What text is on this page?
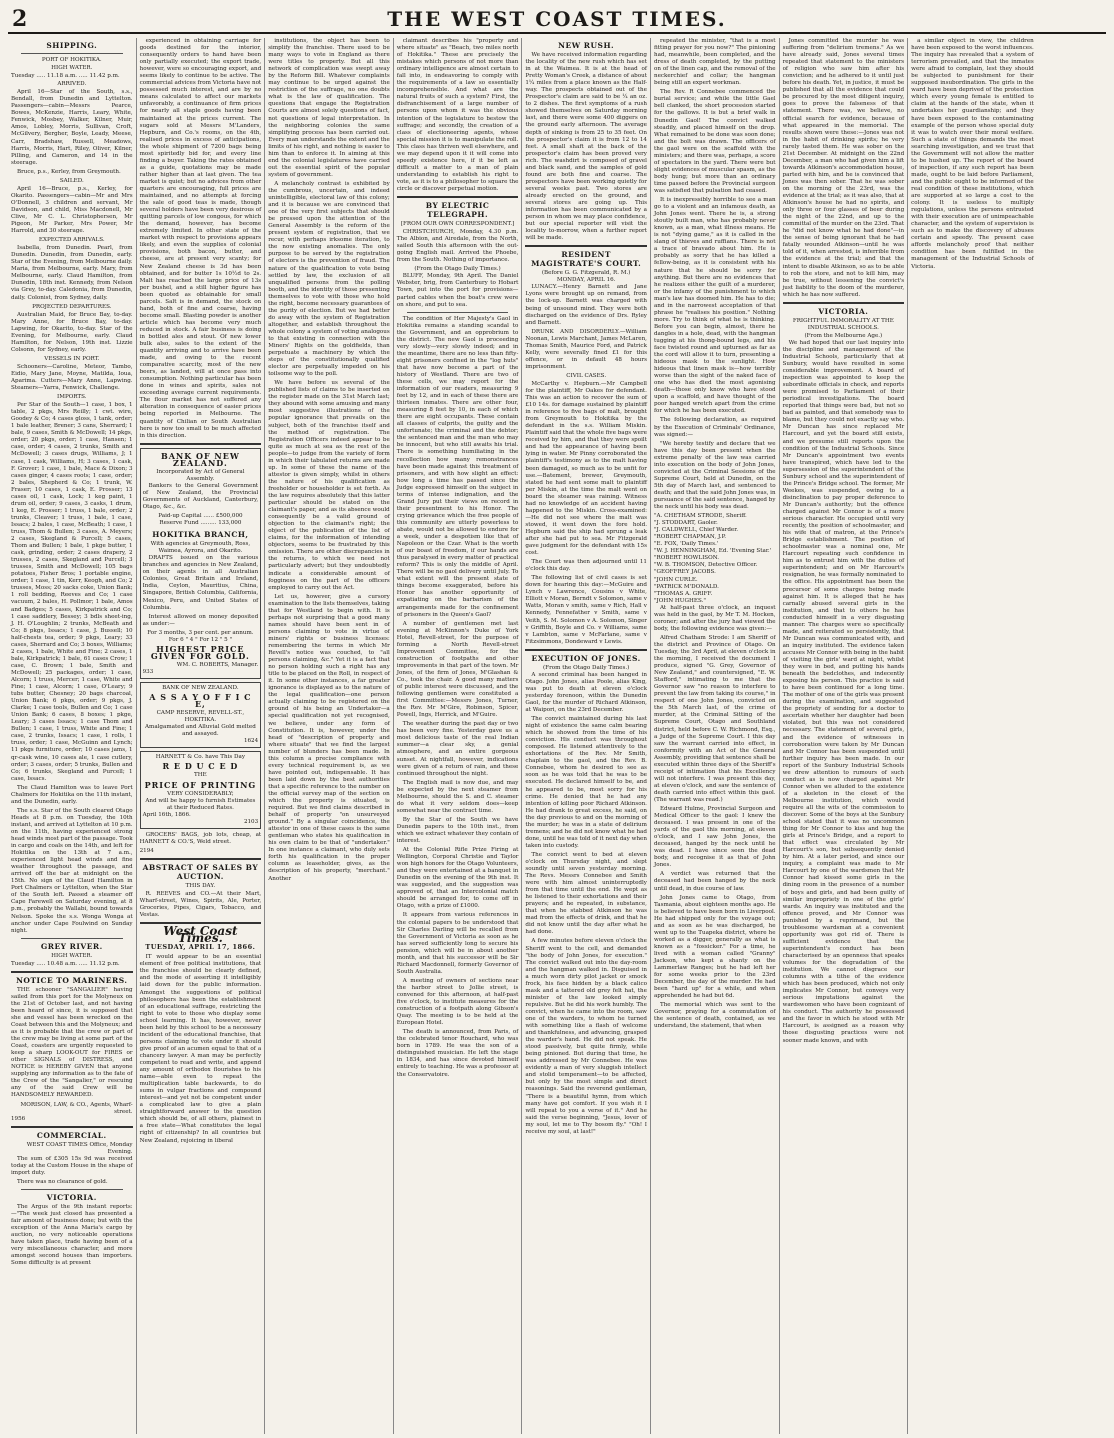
2	THE WEST COAST TIMES.
SHIPPING.
PORT OF HOKITIKA.
HIGH WATER.
Tuesday ..... 11.18 a.m. ..... 11.42 p.m.
ARRIVED.

April 16—Star of the South, s.s., Bendall, from Dunedin and Lyttelton. Passengers—cabin—Messrs Pearce, Bowes, McKenzie, Harris, Leary, White, Fenwick, Mosbey, Walker, Kilner, Muir, Amos, Lobley, Morris, Sullivan, Croft, McGilvery, Bergher, Boyle, Leady, Meese, Carr, Bradshaw, Russell, Meadows, Harris, Morris, Hart, Riley, Oliver, Kilner, Pilling, and Cameron, and 14 in the steerage.

Bruce, p.s., Kerley, from Greymouth.

SAILED.

April 16—Bruce, p.s., Kerley, for Okarito. Passengers—cabin—Mr and Mrs O'Donnell, 3 children and servant, Mr Davidson, and child, Miss Macdonell, Mr Clive, Mr C. L. Christophersen, Mr Pigeon, Mr Parker, Mrs Power, Mr Harrold, and 30 steerage.

EXPECTED ARRIVALS.

Isabella, from Dunedin. Pearl, from Dunedin. Dunedin, from Dunedin, early. Star of the Evening, from Melbourne daily. Maria, from Melbourne, early. Mary, from Melbourne, early. Claud Hamilton, from Dunedin, 18th inst. Kennedy, from Nelson via Grey, to-day. Caledonia, from Dunedin, daily. Colonist, from Sydney, daily.

PROJECTED DEPARTURES.

Australian Maid, for Bruce Bay, to-day. Mary Anne, for Bruce Bay, to-day. Lapwing, for Okarito, to-day. Star of the Evening, for Melbourne, early. Claud Hamilton, for Nelson, 19th inst. Lizzie Colsonn, for Sydney, early.

VESSELS IN PORT.

Schooners—Caroline, Meteor, Tambo, Eidio, Mary Jane, Moyne, Matilda, Ioua, Aparima. Cutters—Mary Anne, Lapwing. Steamers—Yarra, Fenwick, Challenge.

IMPORTS.

Per Star of the South—1 case, 1 box, 1 table, 2 pkgs, Mrs Reilly; 1 cwt. wire, Goodey & Co; 4 cases gloss, 1 tank, order; 1 bale leather, Brener; 3 cans, Sherrard; 1 bale, 9 cases, Smith & McDowell; 14 pkgs, order; 20 pkgs, order; 1 case, Hansen; 1 case, order; 4 cases, 2 trunks, Smith and McDowell; 3 cases drugs, Williams, J; 1 case, 1 cask, Williams, H; 3 cases, 1 cask, F. Grover; 1 case, 1 bale, Mace & Dixon; 3 cases ginger, 4 cases roots; 1 case, order; 2 bales, Shepherd & Co; 1 trunk, W. Fraser; 10 cases, 1 cask, E. Prosser; 13 cases oil, 1 cask, Lock; 1 keg paint, 1 drum oil, order; 9 cases, 3 casks, 1 drum, 1 keg, E. Prosser; 1 truss, 1 bale, order; 2 trunks, Cleaver; 1 truss, 1 bale, 1 case, Issacs; 2 bales, 1 case, McBeath; 1 case, 1 truss, Thom & Bullen; 3 cases, A. Meyers; 2 cases, Skegland & Purcell; 5 cases, Thom and Bullen; 1 bale, 1 pkge butter, 1 cask, grinding, order; 2 cases drapery, 2 trusses, 2 cases, Skegland and Purcell; 3 trusses, Smith and McDowell; 105 bags potatoes, Fisher Bros; 1 portable engine, order; 1 case, 1 tin, Kerr, Keogh, and Co; 2 trusses, Moss; 20 sacks coke, Union Bank; 1 roll bedding, Reeves and Co; 1 case vacuum, 2 bales, H. Pollmor; 1 bale, Amos and Badges; 5 cases, Kirkpatrick and Co; 1 case saddlery, Bessey; 3 bdls sheet-ing, J. H. O'Loughlin; 2 trunks, McBeath and Co; 8 pkgs, Issacs; 1 case, J. Bussell; 10 half-chests tea, order; 9 pkgs, Leary; 33 cases, Sherrard and Co; 3 boxes, Williams; 2 cases, 1 bale, White and Fine; 2 cases, 1 bale, Kirkpatrick; 1 bale, 61 cases Crow; 1 case, C. Brown; 1 bale, Smith and McDowell; 25 packages, order; 1 case, Alcorn; 1 truss, Mercer; 1 case, White and Fine; 1 case, Alcorn; 1 case, O'Leary; 9 tubs butter, Chesney; 20 bags charcoal, Union Bank; 6 pkgs, order; 9 pkgs, J. Clarke; 1 case tools, Bullen and Co; 1 case Union Bank; 6 cases, 8 boxes; 1 pkge, Leary; 3 cases Issacs; 1 case Thom and Bullen; 1 case, 1 truss, White and Fine; 1 case, 2 trunks, Issacs; 1 case, 1 rolls, 1 truss, order; 1 case, McGuinn and Lynch; 11 pkgs furniture, order; 10 cases jams, 1 qr-cask wine, 10 cases ale, 1 case cutlery, order; 3 cases, order; 5 trunks, Bullen and Co; 6 trunks, Skegland and Purcell; 1 case, Issacs.

The Claud Hamilton was to leave Port Chalmers for Hokitika on the 11th instant, and the Dunedin, early.

The s.s. Star of the South cleared Otago Heads at 8 p.m. on Tuesday, the 10th instant, and arrived at Lyttelton at 10 p.m. on the 11th, having experienced strong head winds most part of the passage. Took in cargo and coals on the 14th, and left for Hokitika on the 13th at 7 a.m., experienced light head winds and fine weather throughout the passage, and arrived off the bar at midnight on the 15th. No sign of the Claud Hamilton in Port Chalmers or Lyttelton, when the Star of the South left. Passed a steamer off Cape Farewell on Saturday evening, at 8 p.m., probably the Wallabi, bound towards Nelson. Spoke the s.s. Wonga Wonga at anchor under Cape Foulwind on Sunday night.

GREY RIVER.
HIGH WATER.
Tuesday ..... 10.48 a.m. ..... 11.12 p.m.
NOTICE TO MARINERS.

THE schooner "SANGALIER" having sailed from this port for the Molyneux on the 21st of October last, and not having been heard of since, it is supposed that she and vessel has been wrecked on the Coast between this and the Molyneux; and as it is probable that the crew or part of the crew may be living at some part of the Coast, coasters are urgently requested to keep a sharp LOOK-OUT for FIRES or other SIGNALS of DISTRESS, and NOTICE is HEREBY GIVEN that anyone supplying any information as to the fate of the Crew of the "Sangalier," or rescuing any of the said Crew will be HANDSOMELY REWARDED.

MORISON, LAW, & CO., Agents, Wharf-street.
1956
COMMERCIAL.
WEST COAST TIMES Office, Monday Evening.

The sum of £305 15s 9d was received today at the Custom House in the shape of import duty.

There was no clearance of gold.

VICTORIA.

The Argus of the 9th instant reports:—"The week just closed has presented a fair amount of business done; but with the exception of the Anna Maria's cargo by auction, no very noticeable operations have taken place, trade having been of a very miscellaneous character, and more amongst second houses than importers. Some difficulty is at present

experienced in obtaining carriage for goods destined for the interior, consequently orders to hand have been only partially executed; the export trade, however, were so encouraging export, and seems likely to continue to be active. The commercial advices from Victoria have not possessed much interest, and are by no means calculated to affect our markets unfavorably, a continuance of firm prices for nearly all staple goods having been maintained at the prices current. The sugars sold at Messrs M'Landers, Hepburn, and Co.'s rooms, on the 4th, realised prices in excess of anticipations, the whole shipment of 7200 bags being most spiritedly bid for, and every line finding a buyer. Taking the rates obtained as a guide, quotations may be made rather higher than at last given. The tea market is quiet; but no advices from other quarters are encouraging, full prices are maintained, and no attempts at forcing the sale of good teas is made, though several holders have been very desirous of quitting parcels of low congous, for which the demand, however, has become extremely limited. In other state of the market with respect to provisions appears likely, and even the supplies of colonial provisions, both bacon, butter, and cheese, are at present very scanty; for New Zealand cheese is 3d has been obtained, and for butter 1s 10½d to 2s. Malt has reached the large price of 13s per bushel, and a still higher figure has been quoted as obtainable for small parcels. Salt is in demand, the stock on hand, both of fine and coarse, having become small. Blasting powder is another article which has become very much reduced in stock. A fair business is doing in bottled ales and stout. Of new lower bulk also, sales to the extent of the quantity arriving and to arrive have been made, and owing to the recent comparative scarcity, most of the new beers, as landed, will at once pass into consumption. Nothing particular has been done in wines and spirits, sales not exceeding average current requirements. The flour market has not suffered any alteration in consequence of easier prices being reported in Melbourne. The quantity of Chilian or South Australian here is now too small to be much affected in this direction.

BANK OF NEW ZEALAND.
Incorporated by Act of General Assembly.

Bankers to the General Government of New Zealand, the Provincial Governments of Auckland, Canterbury, Otago, &c., &c.

Paid-up Capital ...... £500,000
Reserve Fund ......... 133,000
HOKITIKA BRANCH,
With agencies at Greymouth, Ross, Waimea, Ayrora, and Okarito.

DRAFTS issued on the various branches and agencies in New Zealand, on their agents in all Australian Colonies, Great Britain and Ireland, India, Ceylon, Mauritius, China, Singapore, British Columbia, California, Mexico, Peru, and United States of Columbia.

Interest allowed on money deposited as under:—

For 3 months, 3 per cent. per annum. For 6 " 4 " For 12 " 5 "
HIGHEST PRICE GIVEN FOR GOLD.
WM. C. ROBERTS, Manager.
933
BANK OF NEW ZEALAND.
A S S A Y O F F I C E,
CAMP RESERVE, REVELL-ST., HOKITIKA.
Amalgamated and Alluvial Gold melted and assayed.
1624
HARNETT & Co. have This Day
R E D U C E D
THE
PRICE OF PRINTING
VERY CONSIDERABLY;
And will be happy to furnish Estimates at their Reduced Rates.
April 16th, 1866.
2103

GROCERS' BAGS, job lots, cheap, at HARNETT & CO.'S, Weld street.

2194
ABSTRACT OF SALES BY AUCTION.
THIS DAY.

R. REEVES and CO.—At their Mart, Wharf-street, Wines, Spirits, Ale, Porter, Groceries, Pipes, Cigars, Tobacco, and Vestas.

West Coast Times.
TUESDAY, APRIL 17, 1866.

IT would appear to be an essential element of free political institutions, that the franchise should be clearly defined, and the mode of asserting it intelligibly laid down for the public information. Amongst the suggestions of political philosophers has been the establishment of an educational suffrage, restricting the right to vote to those who display some school learning. It has, however, never been held by this school to be a necessary incident of the educational franchise, that persons claiming to vote under it should give proof of an acumen equal to that of a chancery lawyer. A man may be perfectly competent to read and write, and append any amount of orthodox flourishes to his name—able even to repeat the multiplication table backwards, to do sums in vulgar fractions and compound interest—and yet not be competent under a complicated law to give a plain straightforward answer to the question which should be, of all others, plainest in a free state—What constitutes the legal right of citizenship? In all countries but New Zealand, rejoicing in liberal

institutions, the object has been to simplify the franchise. There used to be many ways to vote in England as there were titles to property. But all this network of complication was swept away by the Reform Bill. Whatever complaints may continue to be urged against the restriction of the suffrage, no one doubts what is the law of qualification. The questions that engage the Registration Courts are almost solely questions of fact, not questions of legal interpretation. In the neighboring colonies the same simplifying process has been carried out. Every man understands the extent and the limits of his right, and nothing is easier to him than to enforce it. In aiming at this end the colonial legislatures have carried out the essential spirit of the popular system of government.

A melancholy contrast is exhibited by the cumbrous, uncertain, and indeed unintelligible, electoral law of this colony; and it is because we are convinced that one of the very first subjects that should be pressed upon the attention of the General Assembly is the reform of the present system of registration, that we recur, with perhaps irksome iteration, to the now existing anomalies. The only purpose to be served by the registration of electors is the prevention of fraud. The nature of the qualification to vote being settled by law, the exclusion of all unqualified persons from the polling booth, and the identity of those presenting themselves to vote with those who hold the right, become necessary guarantees of the purity of election. But we had better do away with the system of Registration altogether, and establish throughout the whole colony a system of voting analogous to that existing in connection with the Miners' Rights on the goldfields, than perpetuate a machinery by which the steps of the constitutionally qualified elector are perpetually impeded on his toilsome way to the poll.

We have before us several of the published lists of claims to be inserted on the register made on the 31st March last; they abound with some amusing and many most suggestive illustrations of the popular ignorance that prevails on the subject, both of the franchise itself and the method of registration. The Registration Officers indeed appear to be quite as much at sea as the rest of the people—to judge from the variety of form in which their tabulated returns are made up. In some of these the name of the attestor is given simply, whilst in others the nature of his qualification as freeholder or householder is set forth. As the law requires absolutely that this latter particular should be stated on the claimant's paper, and as its absence would consequently be a valid ground of objection to the claimant's right; the object of the publication of the list of claims, for the information of intending objectors, seems to be frustrated by this omission. There are other discrepancies in the returns, to which we need not particularly advert; but they undoubtedly indicate a considerable amount of fogginess on the part of the officers employed to carry out the Act.

Let us, however, give a cursory examination to the lists themselves, taking that for Westland to begin with. It is perhaps not surprising that a good many names should have been sent in of persons claiming to vote in virtue of miners' rights or business licenses: remembering the terms in which Mr Revell's notice was couched, to "all persons claiming, &c." Yet it is a fact that no person holding such a right has any title to be placed on the Roll, in respect of it. In some other instances, a far greater ignorance is displayed as to the nature of the legal qualification—one person actually claiming to be registered on the ground of his being an Undertaker—a special qualification not yet recognised, we believe, under any form of Constitution. It is, however, under the head of "description of property and where situate" that we find the largest number of blunders has been made. In this column a precise compliance with every technical requirement is, as we have pointed out, indispensable. It has been laid down by the best authorities that a specific reference to the number on the official survey map of the section on which the property is situated, is required. But we find claims described in behalf of property "on unsurveyed ground." By a singular coincidence, the attestor in one of these cases is the same gentleman who states his qualification in his own claim to be that of "undertaker." In one instance a claimant, who duly sets forth his qualification in the proper column as leaseholder, gives, as the description of his property, "merchant." Another

claimant describes his "property and where situate" as "Beach, two miles north of Hokitika." These are precisely the mistakes which persons of not more than ordinary intelligence are almost certain to fall into, in endeavoring to comply with the requirements of a law so essentially incomprehensible. And what are the natural fruits of such a system? First, the disfranchisement of a large number of persons upon whom it was the obvious intention of the legislature to bestow the suffrage; and secondly, the creation of a class of electioneering agents, whose special mission it is to manipulate the roll. This class has thriven well elsewhere, and we may depend upon it it will come into speedy existence here, if it be left as difficult a matter to a man of plain understanding to establish his right to vote, as it is to a philosopher to square the circle or discover perpetual motion.

BY ELECTRIC TELEGRAPH.
[FROM OUR OWN CORRESPONDENT.]

CHRISTCHURCH, Monday, 4.30 p.m. The Albion, and Airedale, from the North, sailed South this afternoon with the out-going English mail. Arrived the Phoebe, from the South. Nothing of importance.

(From the Otago Daily Times.)

BLUFF, Monday, 9th April. The Daniel Webster, brig, from Canterbury to Hobart Town, put into the port for provisions—parted cables when the boat's crew were on shore, and put to sea.

The condition of Her Majesty's Gaol in Hokitika remains a standing scandal to the Government, and an opprobrium to the district. The new Gaol is proceeding very slowly—very slowly indeed; and in the meantime, there are no less than fifty-eight prisoners confined in the "log huts" that have now become a part of the history of Westland. There are two of these cells, we may report for the information of our readers, measuring 9 feet by 12, and in each of these there are thirteen inmates. There are other four, measuring 8 feet by 10, in each of which there are eight occupants. These contain all classes of culprits, the guilty and the unfortunate; the criminal and the debtor; the sentenced man and the man who may be innocent, but who still awaits his trial. There is something humiliating in the recollection how many remonstrances have been made against this treatment of prisoners, and with how slight an effect: how long a time has passed since the Judge expressed himself on the subject in terms of intense indignation, and the Grand Jury put their views on record in their presentment to his Honor. The crying grievance which the free people of this community are utterly powerless to abate, would not be allowed to endure for a week, under a despotism like that of Napoleon or the Czar. What is the worth of our boast of freedom, if our hands are thus paralysed in every matter of practical reform? This is only the middle of April. There will be no gaol delivery until July. To what extent will the present state of things become exaggerated, before his Honor has another opportunity of expatiating on the barbarism of the arrangements made for the confinement of prisoners in the Queen's Gaol?

A number of gentlemen met last evening at McKinnon's Duke of York Hotel, Revell-street, for the purpose of forming a North Revell-street Improvement Committee, for the construction of footpaths and other improvements in that part of the town. Mr Jones, of the firm of Jones, M'Glashan & Co., took the chair. A good many matters of public interest were discussed, and the following gentlemen were constituted a first Committee:—Messrs Jones, Turner, the Rev. Mr M'Gire, Robinson, Spicer, Powell, Ings, Herrick, and M'Guire.

The weather during the past day or two has been very fine. Yesterday gave us a most delicious taste of the real Indian summer—a clear sky, a genial atmosphere, and an entire gorgeous sunset. At nightfall, however, indications were given of a return of rain, and these continued throughout the night.

The English mail is now due, and may be expected by the next steamer from Melbourne, should the S. and C. steamer do what it very seldom does—keep somewhat near the contract time.

By the Star of the South we have Dunedin papers to the 10th inst., from which we extract whatever they contain of interest.

At the Colonial Rifle Prize Firing at Wellington, Corporal Christie and Taylor won high honors for the Otago Volunteers, and they were entertained at a banquet in Dunedin on the evening of the 9th inst. It was suggested, and the suggestion was approved of, that an Intercolonial match should be arranged for, to come off in Otago, with a prize of £1000.

It appears from various references in the colonial papers to be understood that Sir Charles Darling will be recalled from the Government of Victoria as soon as he has served sufficiently long to secure his pension, which will be in about another month, and that his successor will be Sir Richard Macdonnell, formerly Governor of South Australia.

A meeting of owners of sections near the harbor street to Jollie street, is convened for this afternoon, at half-past five o'clock, to institute measures for the construction of a footpath along Gibson's Quay. The meeting is to be held at the European Hotel.

The death is announced, from Paris, of the celebrated tenor Rouchard, who was born in 1789. He was the son of a distinguished musician. He left the stage in 1834, and has since devoted himself entirely to teaching. He was a professor at the Conservatoire.

NEW RUSH.

We have received information regarding the locality of the new rush which has set in at the Waimea. It is at the head of Pretty Woman's Creek, a distance of about 1¼ miles from a place known as the Half-way. The prospects obtained out of the Prospector's claim are said to be ¼ an oz. to 2 dishes. The first symptoms of a rush showed themselves on Saturday morning last, and there were some 400 diggers on the ground early afternoon. The average depth of sinking is from 25 to 35 feet. On the prospector's claim it is from 12 to 14 feet. A small shaft at the back of the prospector's claim has been proved very rich. The washdirt is composed of gravel and black sand, and the samples of gold found are both fine and coarse. The prospectors have been working quietly for several weeks past. Two stores are already erected on the ground, and several stores are going up. This information has been communicated by a person in whom we may place confidence, but our special reporter will visit the locality to-morrow, when a further report will be made.

RESIDENT MAGISTRATE'S COURT.
(Before G. G. Fitzgerald, R. M.)
MONDAY, APRIL 16.

LUNACY.—Henry Barnett and Jane Lyons were brought up on remand, from the lock-up. Barnett was charged with being of unsound mind. They were both discharged on the evidence of Drs. Ryley and Barnett.

DRUNK AND DISORDERLY.—William Noonan, Lewis Marchant, James McLaren, Thomas Smith, Maurice Ford, and Patrick Kelly, were severally fined £1 for this offence, or in default 48 hours imprisonment.

CIVIL CASES.

McCarthy v. Hepburn.—Mr Campbell for the plaintiff, Mr Oakes for defendant. This was an action to recover the sum of £10 14s. for damage sustained by plaintiff in reference to five bags of malt, brought from Greymouth to Hokitika by the defendant in the s.s. William Miskin. Plaintiff said that the whole five bags were received by him, and that they were spoilt and had the appearance of having been lying in water. Mr Pinny corroborated the plaintiff's testimony as to the malt having been damaged, so much as to be unfit for use.—Batement, brewer, Greymouth, stated he had sent some malt to plaintiff per Miskin, at the time the malt went on board the steamer was raining. Witness had no knowledge of an accident having happened to the Miskin. Cross-examined:—He did not see where the malt was stowed, it went down the fore hold. Hepburn said the ship had sprung a leak after she had put to sea. Mr Fitzgerald gave judgment for the defendant with 15s cost.

The Court was then adjourned until 11 o'clock this day.

The following list of civil cases is set down for hearing this day:—McGuire and Lynch v Lawrence, Cousins v White, Elliott v Moran, Berndt v Solomon, same v Watts, Moran v smith, same v Rich, Hall v Kennedy, Fennefather v Smith, same v Veith, S. M. Solomon v A. Solomon, Singer v Griffith, Boyle and Co. v Williams, same v Lambton, same v McFarlane, same v Fitzsimmons, Dondeward v Lewis.

EXECUTION OF JONES.
(From the Otago Daily Times.)

A second criminal has been hanged in Otago. John Jones, alias Poole, alias King, was put to death at eleven o'clock yesterday forenoon, within the Dunedin Gaol, for the murder of Richard Atkinson, at Waipori, on the 23rd December.

The convict maintained during his last night of existence the same calm bearing which he showed from the time of his conviction. His conduct was throughout composed. He listened attentively to the exhortations of the Rev. Mr Smith, chaplain to the gaol, and the Rev. B. Connebee, whom he desired to see as soon as he was told that he was to be executed. He declared himself to be, and he appeared to be, most sorry for his crime. He denied that he had any intention of killing poor Richard Atkinson. He had drank to great excess, he said, on the day previous to and on the morning of the murder; he was in a state of delirium tremens; and he did not know what he had done, until he was told of it next day when taken into custody.

The convict went to bed at eleven o'clock on Thursday night, and slept soundly until seven yesterday morning. The Revs. Messrs Connebee and Smith were with him almost uninterruptedly from that time until the end. He wept as he listened to their exhortations and their prayers; and he repeated, in substance, that when he stabbed Atkinson he was mad from the effects of drink, and that he did not know until the day after what he had done.

A few minutes before eleven o'clock the Sheriff went to the cell, and demanded "the body of John Jones, for execution." The convict walked out into the day-room and the hangman walked in. Disguised in a much worn dirty pilot jacket or smock frock, his face hidden by a black calico mask and a tattered old grey felt hat, the minister of the law looked simply repulsive. But he did his work humbly. The convict, when he came into the room, saw one of the warders, to whom he turned with something like a flash of welcome and thankfulness, and advancing, grasped the warder's hand. He did not speak. He stood passively, but quite firmly, while being pinioned. But during that time, he was addressed by Mr Connebee. He was evidently a man of very sluggish intellect and stolid temperament—to be affected, but only by the most simple and direct reasonings. Said the reverend gentleman, "There is a beautiful hymn, from which many have got comfort. If you wish it I will repeat to you a verse of it." And he said the verse beginning, "Jesus, lover of my soul, let me to Thy bosom fly." "Oh! I receive my soul, at last!"

repeated the minister, "that is a most fitting prayer for you now?" The pinioning had, meanwhile, been completed, and the dress of death completed, by the putting on of the linen cap, and the removal of the neckerchief and collar; the hangman being still an expert workman.

The Rev. R Connebee commenced the burial service; and while the little Gael bell clanked, the short procession started for the gallows. It is but a brief walk in Dunedin Gaol! The convict walked steadily, and placed himself on the drop. What remained to be done was soon done; and the bolt was drawn. The officers of the gaol were on the scaffold with the ministers; and there was, perhaps, a score of spectators in the yard. There were but slight evidences of muscular spasm, as the body hung; but more than an ordinary time passed before the Provincial surgeon was satisfied that pulsation had ceased.

It is inexpressibly horrible to see a man go to a violent and an infamous death, as John Jones went. There he is, a strong stoutly built man, who has probably never known, as a man, what illness means. He is not "dying game," as it is called in the slang of thieves and ruffians. There is not a trace of bravado about him. He is probably as sorry that he has killed a fellow-being, as it is consistent with his nature that he should be sorry for anything. But there are no evidences that he realizes either the guilt of a murderer, or the infamy of the punishment to which man's law has doomed him. He has to die; and in the narrowest acceptation of that phrase he "realises his position." Nothing more. Try to think of what he is thinking. Before you can begin, almost, there he dangles in a hole, dead, with the hangman tugging at his thong-bound legs, and his face twisted round and upturned as far as the cord will allow it to turn, presenting a hideous mask to the sunlight. How hideous that linen mask is—how terribly worse than the sight of the naked face of one who has died the most agonising death—those only know who have stood upon a scaffold, and have thought of the poor hanged wretch apart from the crime for which he has been executed.

The following declaration, as required by the Execution of Criminals' Ordinance, was signed:—

"We hereby testify and declare that we have this day been present when the extreme penalty of the law was carried into execution on the body of John Jones, convicted at the Criminal Sessions of the Supreme Court, held at Dunedin, on the 5th day of March last, and sentenced to death; and that the said John Jones was, in pursuance of the said sentence, hanged by the neck until his body was dead.

"A. CHETHAM STRODE, Sheriff.
"J. STODDART, Gaoler.
"J. CALDWELL, Chief Warder.
"ROBERT CHAPMAN, J.P.
"E. FOX, 'Daily Times.'
"W. J. HENNINGHAM, Ed. 'Evening Star.'
"ROBERT HOWLISON.
"W. B. THOMSON, Detective Officer.
"GEOFFREY JACOBS.
"JOHN CURLE.
"PATRICK M'DONALD.
"THOMAS A. GRIFF.
"JOHN HUGHES."

At half-past three o'clock, an inquest was held in the gaol, by Mr T. M. Hocken, coroner; and after the jury had viewed the body, the following evidence was given:—

Alfred Chatham Strode: I am Sheriff of the district and Province of Otago. On Tuesday, the 3rd April, at eleven o'clock in the morning, I received the document I produce, signed "G. Grey, Governor of New Zealand," and countersigned, "E. W. Stafford," intimating to me that the Governor saw "no reason to interfere to prevent the law from taking its course," in respect of one John Jones, convicted on the 5th March last, of the crime of murder, at the Criminal Sitting of the Supreme Court, Otago and Southland district, held before C. W. Richmond, Esq., a Judge of the Supreme Court. I this day saw the warrant carried into effect, in conformity with an Act of the General Assembly, providing that sentence shall be executed within three days of the Sheriff's receipt of intimation that his Excellency will not interfere. I was present this day, at eleven o'clock, and saw the sentence of death carried into effect within this gaol. (The warrant was read.)

Edward Hulme, Provincial Surgeon and Medical Officer to the gaol: I knew the deceased. I was present in one of the yards of the gaol this morning, at eleven o'clock, and I saw John Jones, the deceased, hanged by the neck until he was dead. I have since seen the dead body, and recognise it as that of John Jones.

A verdict was returned that the deceased had been hanged by the neck until dead, in due course of law.

John Jones came to Otago, from Tasmania, about eighteen months ago. He is believed to have been born in Liverpool. He had shipped only for the voyage out; and as soon as he was discharged, he went up to the Tuapeka district, where he worked as a digger, generally as what is known as a "fossicker." For a time, he lived with a woman called "Granny" Jackson, who kept a shanty on the Lammerlaw Ranges; but he had left her for some weeks prior to the 23rd December, the day of the murder. He had been "hard up" for a while, and when apprehended he had but 6d.

The memorial which was sent to the Governor, praying for a commutation of the sentence of death, contained, as we understand, the statement, that when

Jones committed the murder he was suffering from "delirium tremens." As we have already said, Jones several times repeated that statement to the ministers of religion who saw him after his conviction; and he adhered to it until just before his death. Yet, in justice, it must be published that all the evidence that could be procured by the most diligent inquiry, goes to prove the falseness of that statement. There was, we believe, no official search for evidence, because of what appeared in the memorial. The results shown were these:—Jones was not in the habit of drinking spirits; he very rarely tasted them. He was sober on the 21st December. At midnight on the 22nd December, a man who had given him a lift towards Atkinson's accommodation house, parted with him, and he is convinced that Jones was then sober. That he was sober on the morning of the 23rd, was the evidence at the trial; as it was also, that at Atkinson's house he had no spirits, and only three or four glasses of beer during the night of the 22nd, and up to the committal of the murder on the 23rd. That he "did not know what he had done"—in the sense of being ignorant that he had fatally wounded Atkinson—until he was told of it, when arrested, is inferrible from the evidence at the trial; and that the intent to disable Atkinson, so as to be able to rob the store, and not to kill him, may be true, without lessening the convict's just liability to the doom of the murderer, which he has now suffered.

VICTORIA.
FRIGHTFUL IMMORALITY AT THE INDUSTRIAL SCHOOLS.
(From the Melbourne Age.)

We had hoped that our last inquiry into the discipline and management of the Industrial Schools, particularly that at Sunbury, would have resulted in some considerable improvement. A board of inspection was appointed to keep the subordinate officials in check, and reports were promised to Parliament of their periodical investigations. The board reported that things were bad, but not so bad as painted, and that somebody was to blame, but they could not exactly say who. Mr Duncan has since replaced Mr Harcourt, and yet the board still exists, and we presume still reports upon the condition of the Industrial Schools. Since Mr Duncan's appointment two events have transpired, which have led to the supersession of the superintendent of the Sunbury school and the superintendent of the Prince's Bridge school. The former, Mr Weekes, was suspended, owing to a disinclination to pay proper deference to Mr Duncan's authority; but the offence charged against Mr Connor is of a more serious character. He occupied until very recently, the position of schoolmaster, and his wife that of matron, at the Prince's Bridge establishment. The position of schoolmaster was a nominal one, Mr Harcourt repeating such confidence in him as to entrust him with the duties of superintendent; and on Mr Harcourt's resignation, he was formally nominated to the office. His appointment has been the precursor of some charges being made against him. It is alleged that he has carnally abused several girls in the institution, and that to others he has conducted himself in a very disgusting manner. The charges were so specifically made, and reiterated so persistently, that Mr Duncan was communicated with, and an inquiry instituted. The evidence taken accuses Mr Connor with being in the habit of visiting the girls' ward at night, whilst they were in bed, and putting his hands beneath the bedclothes, and indecently exposing his person. This practice is said to have been continued for a long time. The mother of one of the girls was present during the examination, and suggested the propriety of sending for a doctor to ascertain whether her daughter had been violated, but this was not considered necessary. The statement of several girls, and the evidence of witnesses in corroboration were taken by Mr Duncan and Mr Connor has been suspended until further inquiry has been made. In our report of the Sunbury Industrial Schools we drew attention to rumours of such conduct as is now charged against Mr Connor when we alluded to the existence of a skeleton in the closet of the Melbourne institution, which would require all the wits of the commission to discover. Some of the boys at the Sunbury school stated that it was no uncommon thing for Mr Connor to kiss and hug the girls at Prince's Bridge, and a report to that effect was circulated by Mr Harcourt's son, but subsequently denied by him. At a later period, and since our inquiry, a complaint was made to Mr Harcourt by one of the wardsmen that Mr Connor had kissed some girls in the dining room in the presence of a number of boys and girls, and had been guilty of similar impropriety in one of the girls' wards. An inquiry was instituted and the offence proved, and Mr Connor was punished by a reprimand, but the troublesome wardsman at a convenient opportunity was got rid of. There is sufficient evidence that the superintendent's conduct has been characterised by an openness that speaks volumes for the degradation of the institution. We cannot disgrace our columns with a tithe of the evidence which has been produced, which not only implicates Mr Connor, but conveys very serious imputations against the wardswomen who have been cognizant of his conduct. The authority he possessed and the favor in which he stood with Mr Harcourt, is assigned as a reason why those disgusting practices were not sooner made known, and with

a similar object in view, the children have been exposed to the worst influences. The inquiry has revealed that a system of terrorism prevailed, and that the inmates were afraid to complain, lest they should be subjected to punishment for their supposed insubordination. The girls in the ward have been deprived of the protection which every young female is entitled to claim at the hands of the state, when it undertakes her guardianship; and they have been exposed to the contaminating example of the person whose special duty it was to watch over their moral welfare. Such a state of things demands the most searching investigation, and we trust that the Government will not allow the matter to be hushed up. The report of the board of inspection, if any such report has been made, ought to be laid before Parliament, and the public ought to be informed of the real condition of these institutions, which are supported at so large a cost to the colony. It is useless to multiply regulations, unless the persons entrusted with their execution are of unimpeachable character, and the system of supervision is such as to make the discovery of abuses certain and speedy. The present case affords melancholy proof that neither condition has been fulfilled in the management of the Industrial Schools of Victoria.
